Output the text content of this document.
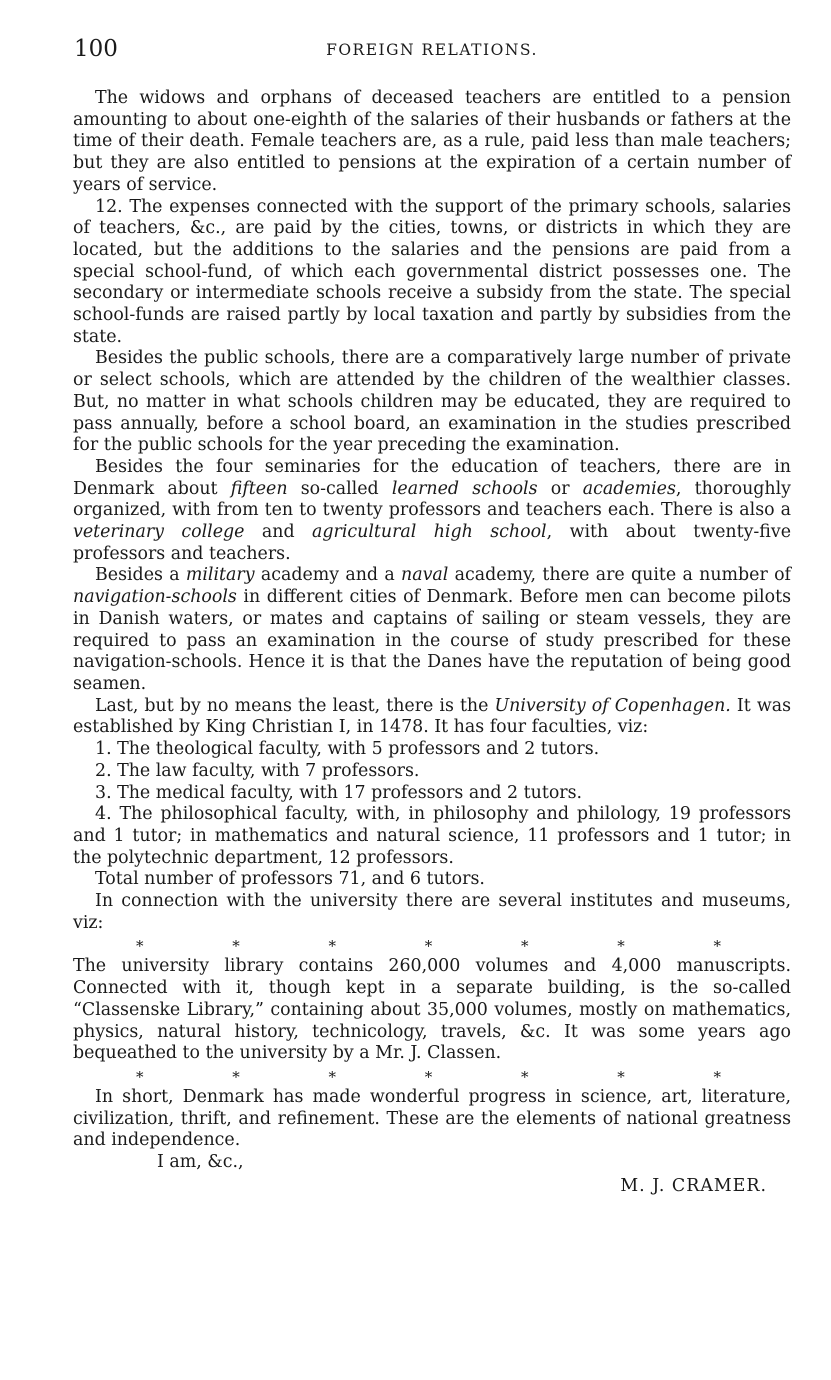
100	FOREIGN RELATIONS.

The widows and orphans of deceased teachers are entitled to a pension amounting to about one-eighth of the salaries of their husbands or fathers at the time of their death. Female teachers are, as a rule, paid less than male teachers; but they are also entitled to pensions at the expiration of a certain number of years of service.

12. The expenses connected with the support of the primary schools, salaries of teachers, &c., are paid by the cities, towns, or districts in which they are located, but the additions to the salaries and the pensions are paid from a special school-fund, of which each governmental district possesses one. The secondary or intermediate schools receive a subsidy from the state. The special school-funds are raised partly by local taxation and partly by subsidies from the state.

Besides the public schools, there are a comparatively large number of private or select schools, which are attended by the children of the wealthier classes. But, no matter in what schools children may be educated, they are required to pass annually, before a school board, an examination in the studies prescribed for the public schools for the year preceding the examination.

Besides the four seminaries for the education of teachers, there are in Denmark about fifteen so-called learned schools or academies, thoroughly organized, with from ten to twenty professors and teachers each. There is also a veterinary college and agricultural high school, with about twenty-five professors and teachers.

Besides a military academy and a naval academy, there are quite a number of navigation-schools in different cities of Denmark. Before men can become pilots in Danish waters, or mates and captains of sailing or steam vessels, they are required to pass an examination in the course of study prescribed for these navigation-schools. Hence it is that the Danes have the reputation of being good seamen.

Last, but by no means the least, there is the University of Copenhagen. It was established by King Christian I, in 1478. It has four faculties, viz:

1. The theological faculty, with 5 professors and 2 tutors.

2. The law faculty, with 7 professors.

3. The medical faculty, with 17 professors and 2 tutors.

4. The philosophical faculty, with, in philosophy and philology, 19 professors and 1 tutor; in mathematics and natural science, 11 professors and 1 tutor; in the polytechnic department, 12 professors.

Total number of professors 71, and 6 tutors.

In connection with the university there are several institutes and museums, viz:

*	*	*	*	*	*	*

The university library contains 260,000 volumes and 4,000 manuscripts. Connected with it, though kept in a separate building, is the so-called “Classenske Library,” containing about 35,000 volumes, mostly on mathematics, physics, natural history, technicology, travels, &c. It was some years ago bequeathed to the university by a Mr. J. Classen.

*	*	*	*	*	*	*

In short, Denmark has made wonderful progress in science, art, literature, civilization, thrift, and refinement. These are the elements of national greatness and independence.

I am, &c.,

M. J. CRAMER.
